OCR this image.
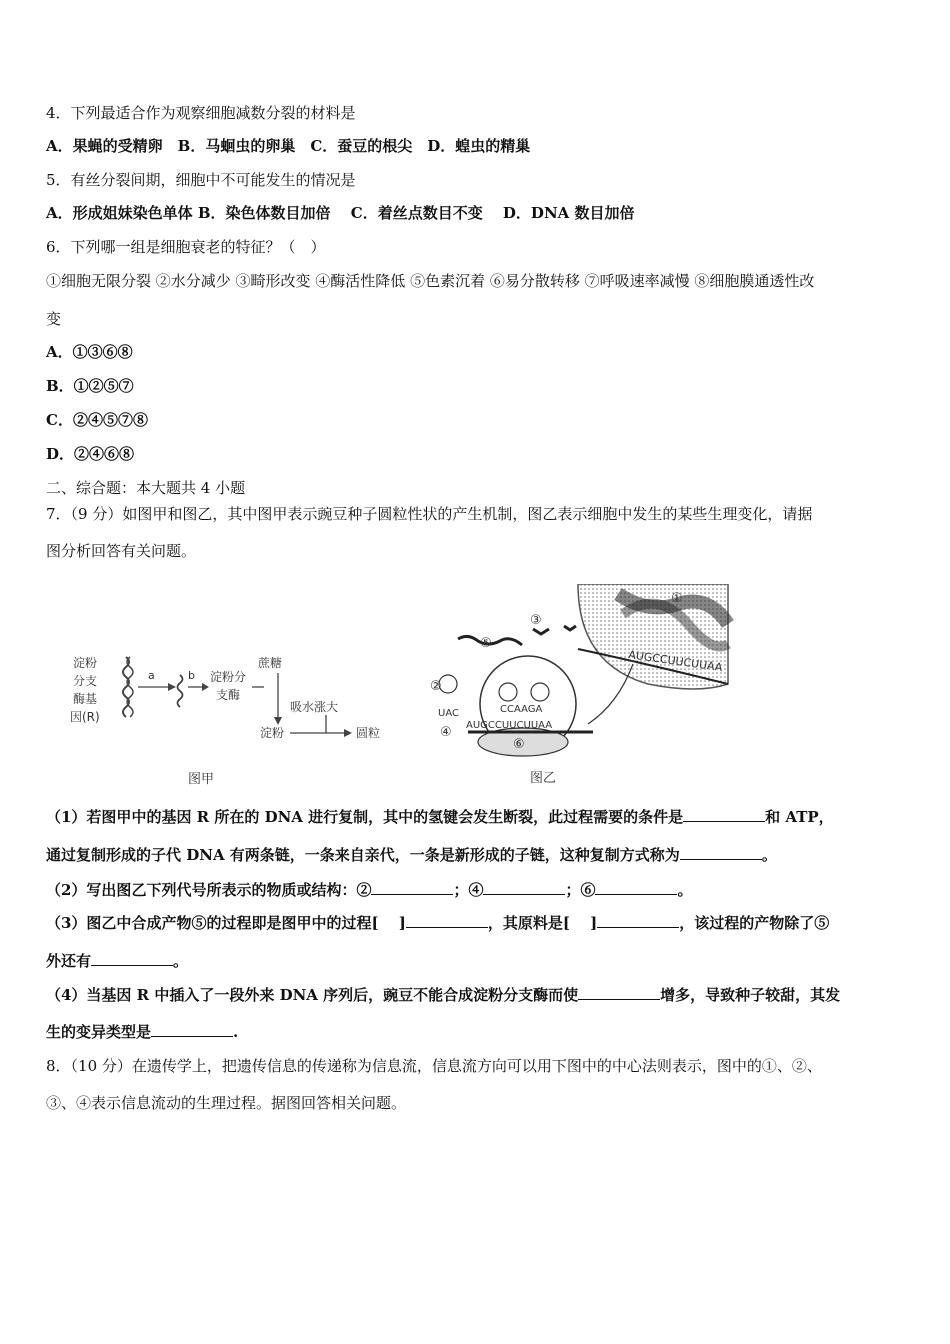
4．下列最适合作为观察细胞减数分裂的材料是
A．果蝇的受精卵　B．马蛔虫的卵巢　C．蚕豆的根尖　D．蝗虫的精巢
5．有丝分裂间期，细胞中不可能发生的情况是
A．形成姐妹染色单体 B．染色体数目加倍　 C．着丝点数目不变　 D．DNA 数目加倍
6．下列哪一组是细胞衰老的特征？（　）
①细胞无限分裂 ②水分减少 ③畸形改变 ④酶活性降低 ⑤色素沉着 ⑥易分散转移 ⑦呼吸速率减慢 ⑧细胞膜通透性改
变
A．①③⑥⑧
B．①②⑤⑦
C．②④⑤⑦⑧
D．②④⑥⑧
二、综合题：本大题共 4 小题
7．（9 分）如图甲和图乙，其中图甲表示豌豆种子圆粒性状的产生机制，图乙表示细胞中发生的某些生理变化，请据
图分析回答有关问题。
淀粉
分支
酶基
因(R)
a	b 淀粉分
支酶
蔗糖
吸水涨大
淀粉	圆粒
图甲
①
AUGCCUUCUUAA
⑤
③
②
UAC	CCAAGA
AUGCCUUCUUAA
④
⑥
图乙
（1）若图甲中的基因 R 所在的 DNA 进行复制，其中的氢键会发生断裂，此过程需要的条件是	和 ATP，
通过复制形成的子代 DNA 有两条链，一条来自亲代，一条是新形成的子链，这种复制方式称为	。
（2）写出图乙下列代号所表示的物质或结构：②	；④	；⑥	。
（3）图乙中合成产物⑤的过程即是图甲中的过程[　 ]	，其原料是[　 ]	，该过程的产物除了⑤
外还有	。
（4）当基因 R 中插入了一段外来 DNA 序列后，豌豆不能合成淀粉分支酶而使	增多，导致种子较甜，其发
生的变异类型是	.
8．（10 分）在遗传学上，把遗传信息的传递称为信息流，信息流方向可以用下图中的中心法则表示，图中的①、②、
③、④表示信息流动的生理过程。据图回答相关问题。
